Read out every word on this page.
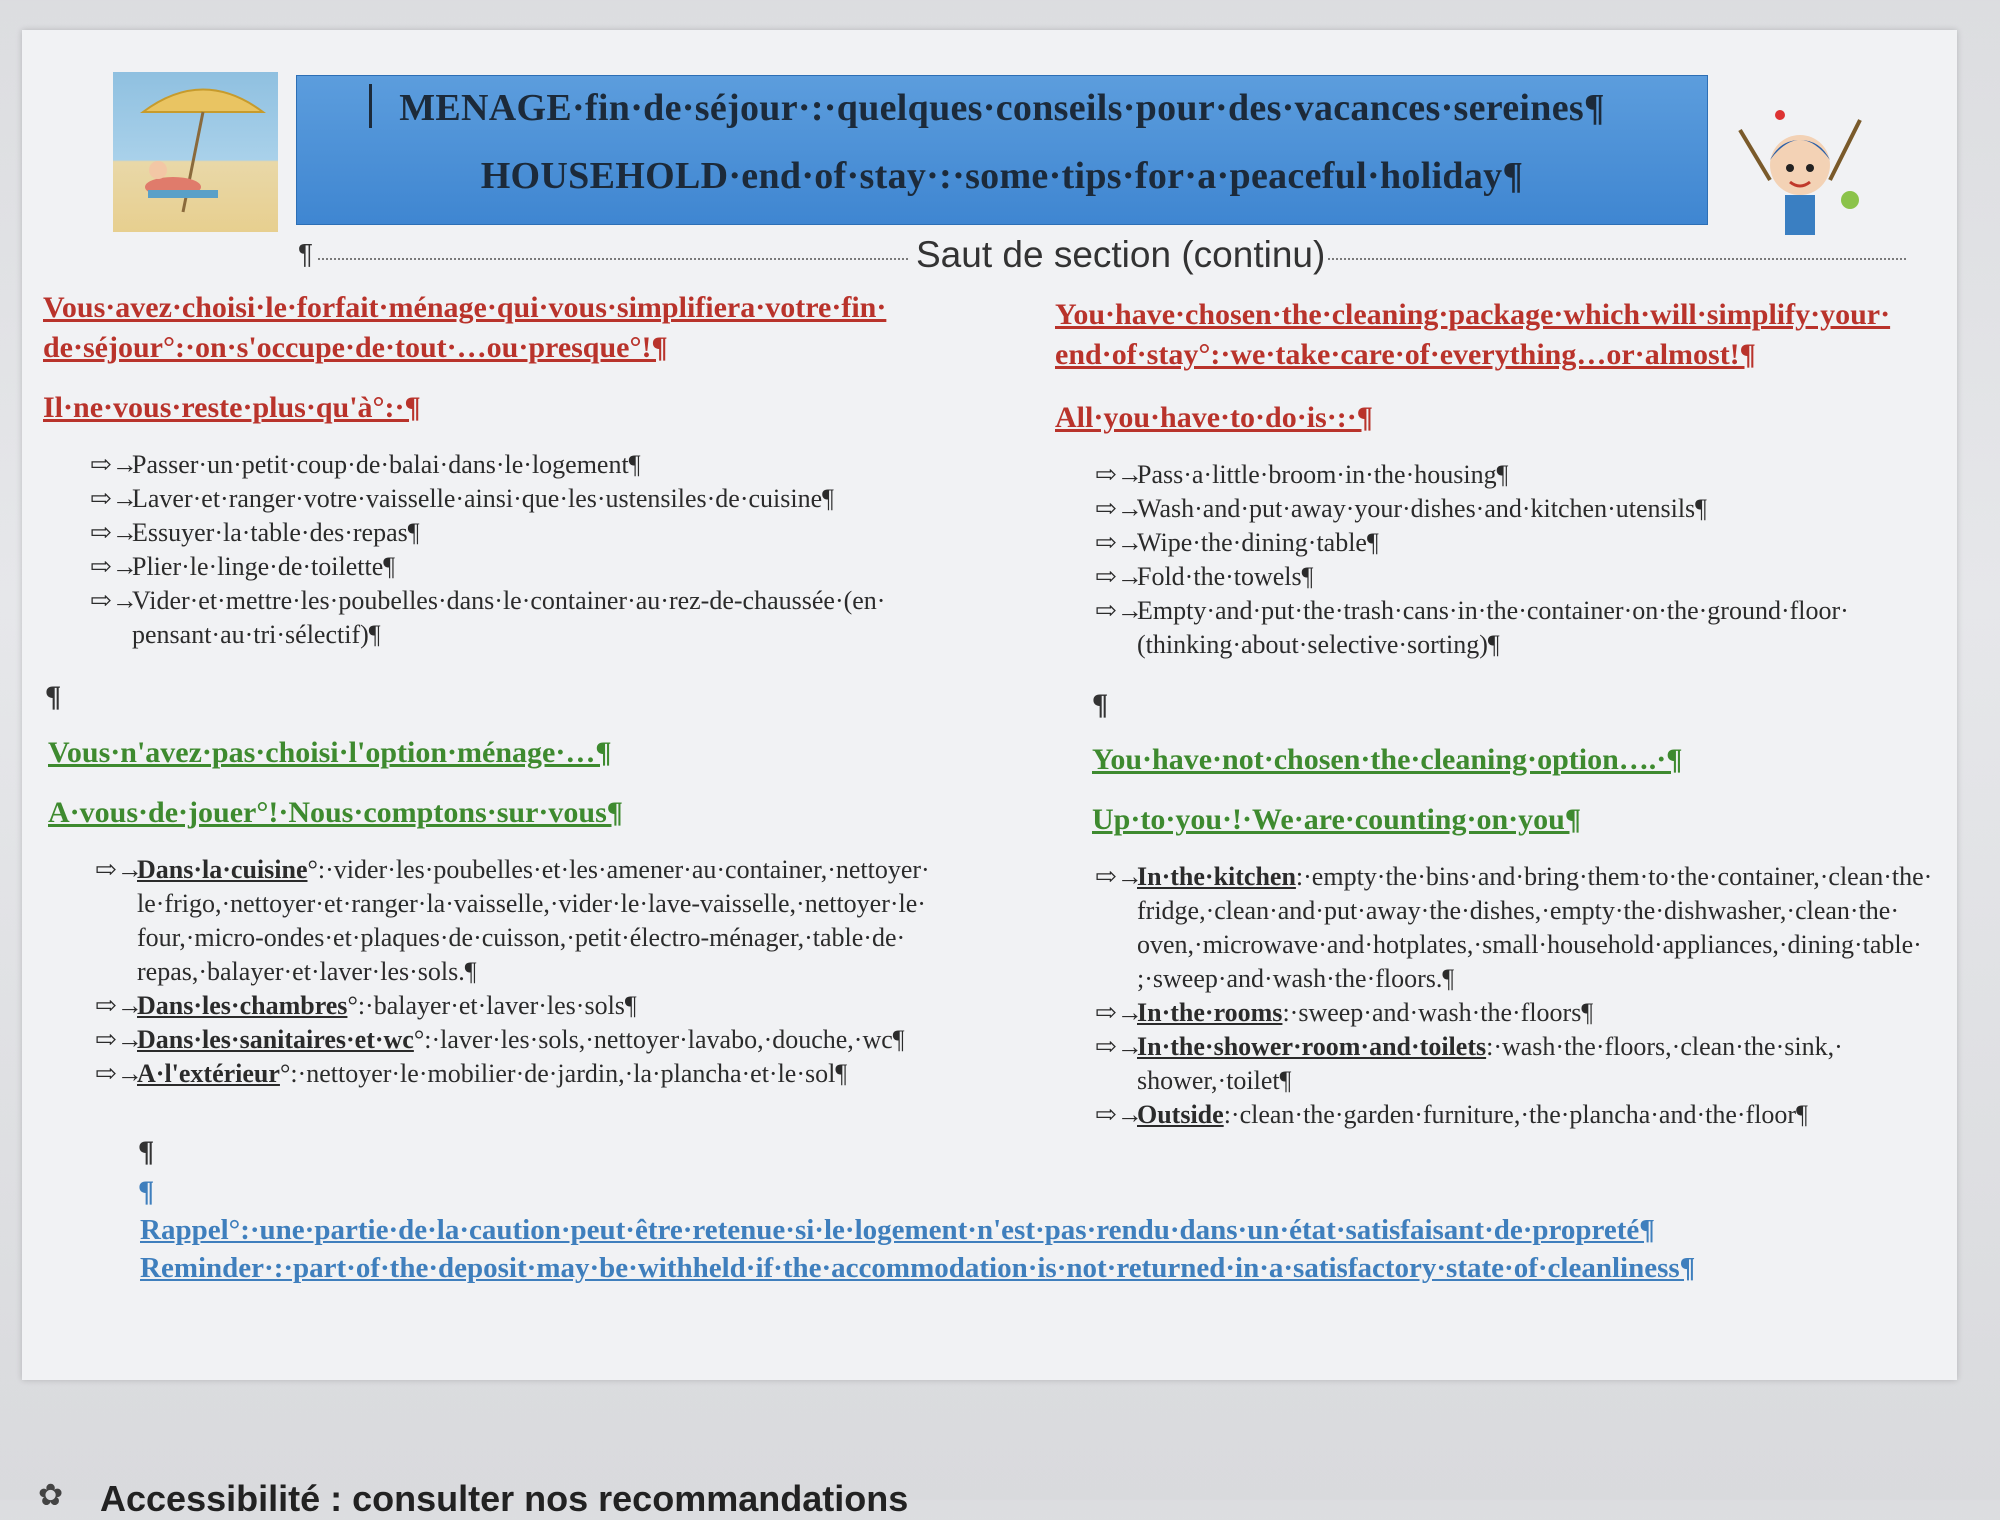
MENAGE·fin·de·séjour·:·quelques·conseils·pour·des·vacances·sereines¶
HOUSEHOLD·end·of·stay·:·some·tips·for·a·peaceful·holiday¶
¶	Saut de section (continu)
Vous·avez·choisi·le·forfait·ménage·qui·vous·simplifiera·votre·fin· de·séjour°:·on·s'occupe·de·tout·…ou·presque°!¶
Il·ne·vous·reste·plus·qu'à°:·¶
⇨→
Passer·un·petit·coup·de·balai·dans·le·logement¶
⇨→
Laver·et·ranger·votre·vaisselle·ainsi·que·les·ustensiles·de·cuisine¶
⇨→
Essuyer·la·table·des·repas¶
⇨→
Plier·le·linge·de·toilette¶
⇨→
Vider·et·mettre·les·poubelles·dans·le·container·au·rez-de-chaussée·(en· pensant·au·tri·sélectif)¶
¶
Vous·n'avez·pas·choisi·l'option·ménage·…¶
A·vous·de·jouer°!·Nous·comptons·sur·vous¶
⇨→
Dans·la·cuisine°:·vider·les·poubelles·et·les·amener·au·container,·nettoyer· le·frigo,·nettoyer·et·ranger·la·vaisselle,·vider·le·lave-vaisselle,·nettoyer·le· four,·micro-ondes·et·plaques·de·cuisson,·petit·électro-ménager,·table·de· repas,·balayer·et·laver·les·sols.¶
⇨→
Dans·les·chambres°:·balayer·et·laver·les·sols¶
⇨→
Dans·les·sanitaires·et·wc°:·laver·les·sols,·nettoyer·lavabo,·douche,·wc¶
⇨→
A·l'extérieur°:·nettoyer·le·mobilier·de·jardin,·la·plancha·et·le·sol¶
You·have·chosen·the·cleaning·package·which·will·simplify·your· end·of·stay°:·we·take·care·of·everything…or·almost!¶
All·you·have·to·do·is·:·¶
⇨→
Pass·a·little·broom·in·the·housing¶
⇨→
Wash·and·put·away·your·dishes·and·kitchen·utensils¶
⇨→
Wipe·the·dining·table¶
⇨→
Fold·the·towels¶
⇨→
Empty·and·put·the·trash·cans·in·the·container·on·the·ground·floor· (thinking·about·selective·sorting)¶
¶
You·have·not·chosen·the·cleaning·option….·¶
Up·to·you·!·We·are·counting·on·you¶
⇨→
In·the·kitchen:·empty·the·bins·and·bring·them·to·the·container,·clean·the· fridge,·clean·and·put·away·the·dishes,·empty·the·dishwasher,·clean·the· oven,·microwave·and·hotplates,·small·household·appliances,·dining·table· ;·sweep·and·wash·the·floors.¶
⇨→
In·the·rooms:·sweep·and·wash·the·floors¶
⇨→
In·the·shower·room·and·toilets:·wash·the·floors,·clean·the·sink,· shower,·toilet¶
⇨→
Outside:·clean·the·garden·furniture,·the·plancha·and·the·floor¶
¶
¶
Rappel°:·une·partie·de·la·caution·peut·être·retenue·si·le·logement·n'est·pas·rendu·dans·un·état·satisfaisant·de·propreté¶
Reminder·:·part·of·the·deposit·may·be·withheld·if·the·accommodation·is·not·returned·in·a·satisfactory·state·of·cleanliness¶
✿ Accessibilité : consulter nos recommandations
